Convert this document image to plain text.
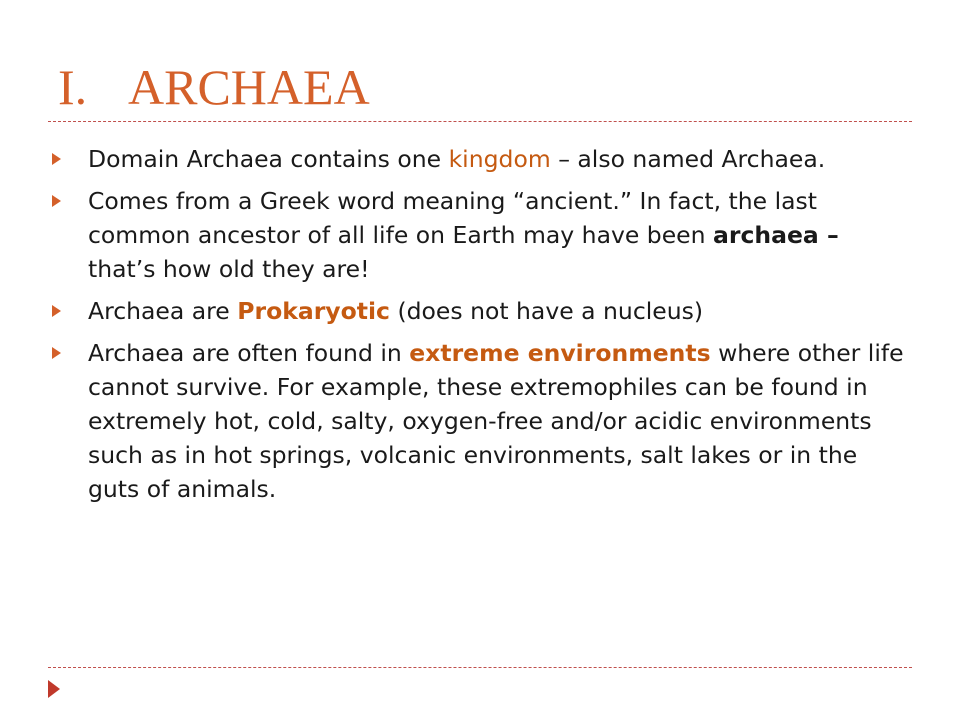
I. ARCHAEA
Domain Archaea contains one kingdom – also named Archaea.
Comes from a Greek word meaning “ancient.” In fact, the last common ancestor of all life on Earth may have been archaea – that’s how old they are!
Archaea are Prokaryotic (does not have a nucleus)
Archaea are often found in extreme environments where other life cannot survive. For example, these extremophiles can be found in extremely hot, cold, salty, oxygen-free and/or acidic environments such as in hot springs, volcanic environments, salt lakes or in the guts of animals.
